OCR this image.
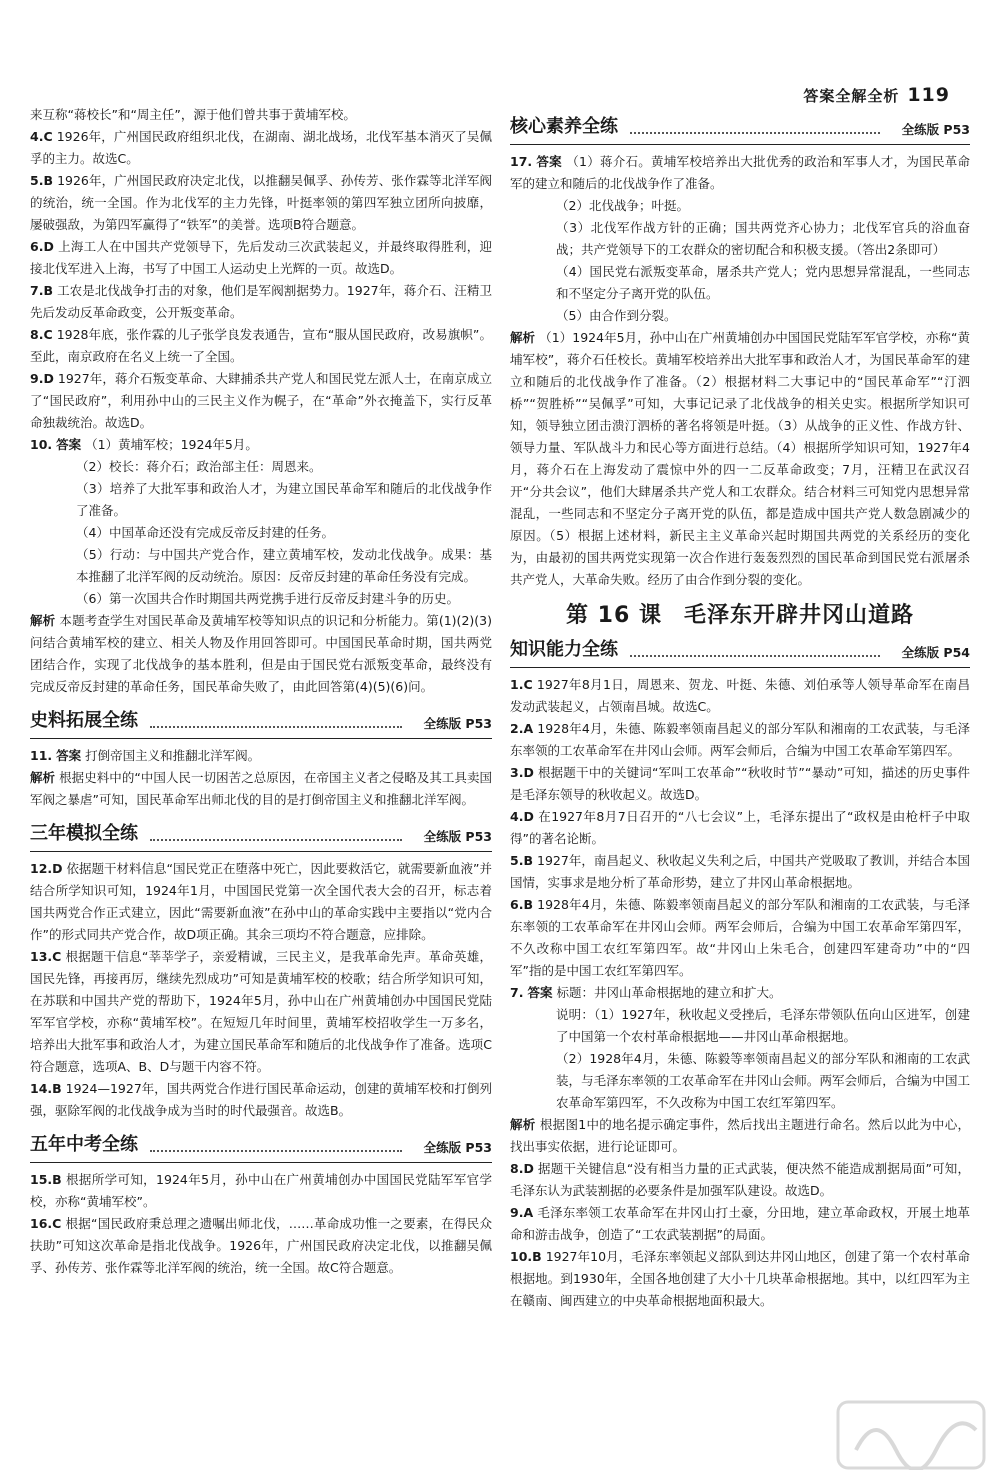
答案全解全析 119

来互称“蒋校长”和“周主任”，源于他们曾共事于黄埔军校。

4.C 1926年，广州国民政府组织北伐，在湖南、湖北战场，北伐军基本消灭了吴佩孚的主力。故选C。

5.B 1926年，广州国民政府决定北伐，以推翻吴佩孚、孙传芳、张作霖等北洋军阀的统治，统一全国。作为北伐军的主力先锋，叶挺率领的第四军独立团所向披靡，屡破强敌，为第四军赢得了“铁军”的美誉。选项B符合题意。

6.D 上海工人在中国共产党领导下，先后发动三次武装起义，并最终取得胜利，迎接北伐军进入上海，书写了中国工人运动史上光辉的一页。故选D。

7.B 工农是北伐战争打击的对象，他们是军阀割据势力。1927年，蒋介石、汪精卫先后发动反革命政变，公开叛变革命。

8.C 1928年底，张作霖的儿子张学良发表通告，宣布“服从国民政府，改易旗帜”。至此，南京政府在名义上统一了全国。

9.D 1927年，蒋介石叛变革命、大肆捕杀共产党人和国民党左派人士，在南京成立了“国民政府”，利用孙中山的三民主义作为幌子，在“革命”外衣掩盖下，实行反革命独裁统治。故选D。

10. 答案 （1）黄埔军校；1924年5月。

（2）校长：蒋介石；政治部主任：周恩来。

（3）培养了大批军事和政治人才，为建立国民革命军和随后的北伐战争作了准备。

（4）中国革命还没有完成反帝反封建的任务。

（5）行动：与中国共产党合作，建立黄埔军校，发动北伐战争。成果：基本推翻了北洋军阀的反动统治。原因：反帝反封建的革命任务没有完成。

（6）第一次国共合作时期国共两党携手进行反帝反封建斗争的历史。

解析 本题考查学生对国民革命及黄埔军校等知识点的识记和分析能力。第(1)(2)(3)问结合黄埔军校的建立、相关人物及作用回答即可。中国国民革命时期，国共两党团结合作，实现了北伐战争的基本胜利，但是由于国民党右派叛变革命，最终没有完成反帝反封建的革命任务，国民革命失败了，由此回答第(4)(5)(6)问。

史料拓展全练	全练版 P53

11. 答案 打倒帝国主义和推翻北洋军阀。

解析 根据史料中的“中国人民一切困苦之总原因，在帝国主义者之侵略及其工具卖国军阀之暴虐”可知，国民革命军出师北伐的目的是打倒帝国主义和推翻北洋军阀。

三年模拟全练	全练版 P53

12.D 依据题干材料信息“国民党正在堕落中死亡，因此要救活它，就需要新血液”并结合所学知识可知，1924年1月，中国国民党第一次全国代表大会的召开，标志着国共两党合作正式建立，因此“需要新血液”在孙中山的革命实践中主要指以“党内合作”的形式同共产党合作，故D项正确。其余三项均不符合题意，应排除。

13.C 根据题干信息“莘莘学子，亲爱精诚，三民主义，是我革命先声。革命英雄，国民先锋，再接再厉，继续先烈成功”可知是黄埔军校的校歌；结合所学知识可知，在苏联和中国共产党的帮助下，1924年5月，孙中山在广州黄埔创办中国国民党陆军军官学校，亦称“黄埔军校”。在短短几年时间里，黄埔军校招收学生一万多名，培养出大批军事和政治人才，为建立国民革命军和随后的北伐战争作了准备。选项C符合题意，选项A、B、D与题干内容不符。

14.B 1924—1927年，国共两党合作进行国民革命运动，创建的黄埔军校和打倒列强，驱除军阀的北伐战争成为当时的时代最强音。故选B。

五年中考全练	全练版 P53

15.B 根据所学可知，1924年5月，孙中山在广州黄埔创办中国国民党陆军军官学校，亦称“黄埔军校”。

16.C 根据“国民政府秉总理之遗嘱出师北伐，……革命成功惟一之要素，在得民众扶助”可知这次革命是指北伐战争。1926年，广州国民政府决定北伐，以推翻吴佩孚、孙传芳、张作霖等北洋军阀的统治，统一全国。故C符合题意。

核心素养全练	全练版 P53

17. 答案 （1）蒋介石。黄埔军校培养出大批优秀的政治和军事人才，为国民革命军的建立和随后的北伐战争作了准备。

（2）北伐战争；叶挺。

（3）北伐军作战方针的正确；国共两党齐心协力；北伐军官兵的浴血奋战；共产党领导下的工农群众的密切配合和积极支援。（答出2条即可）

（4）国民党右派叛变革命，屠杀共产党人；党内思想异常混乱，一些同志和不坚定分子离开党的队伍。

（5）由合作到分裂。

解析 （1）1924年5月，孙中山在广州黄埔创办中国国民党陆军军官学校，亦称“黄埔军校”，蒋介石任校长。黄埔军校培养出大批军事和政治人才，为国民革命军的建立和随后的北伐战争作了准备。（2）根据材料二大事记中的“国民革命军”“汀泗桥”“贺胜桥”“吴佩孚”可知，大事记记录了北伐战争的相关史实。根据所学知识可知，领导独立团击溃汀泗桥的著名将领是叶挺。（3）从战争的正义性、作战方针、领导力量、军队战斗力和民心等方面进行总结。（4）根据所学知识可知，1927年4月，蒋介石在上海发动了震惊中外的四一二反革命政变；7月，汪精卫在武汉召开“分共会议”，他们大肆屠杀共产党人和工农群众。结合材料三可知党内思想异常混乱，一些同志和不坚定分子离开党的队伍，都是造成中国共产党人数急剧减少的原因。（5）根据上述材料，新民主主义革命兴起时期国共两党的关系经历的变化为，由最初的国共两党实现第一次合作进行轰轰烈烈的国民革命到国民党右派屠杀共产党人，大革命失败。经历了由合作到分裂的变化。

第 16 课 毛泽东开辟井冈山道路
知识能力全练	全练版 P54

1.C 1927年8月1日，周恩来、贺龙、叶挺、朱德、刘伯承等人领导革命军在南昌发动武装起义，占领南昌城。故选C。

2.A 1928年4月，朱德、陈毅率领南昌起义的部分军队和湘南的工农武装，与毛泽东率领的工农革命军在井冈山会师。两军会师后，合编为中国工农革命军第四军。

3.D 根据题干中的关键词“军叫工农革命”“秋收时节”“暴动”可知，描述的历史事件是毛泽东领导的秋收起义。故选D。

4.D 在1927年8月7日召开的“八七会议”上，毛泽东提出了“政权是由枪杆子中取得”的著名论断。

5.B 1927年，南昌起义、秋收起义失利之后，中国共产党吸取了教训，并结合本国国情，实事求是地分析了革命形势，建立了井冈山革命根据地。

6.B 1928年4月，朱德、陈毅率领南昌起义的部分军队和湘南的工农武装，与毛泽东率领的工农革命军在井冈山会师。两军会师后，合编为中国工农革命军第四军，不久改称中国工农红军第四军。故“井冈山上朱毛合，创建四军建奇功”中的“四军”指的是中国工农红军第四军。

7. 答案 标题：井冈山革命根据地的建立和扩大。

说明：（1）1927年，秋收起义受挫后，毛泽东带领队伍向山区进军，创建了中国第一个农村革命根据地——井冈山革命根据地。

（2）1928年4月，朱德、陈毅等率领南昌起义的部分军队和湘南的工农武装，与毛泽东率领的工农革命军在井冈山会师。两军会师后，合编为中国工农革命军第四军，不久改称为中国工农红军第四军。

解析 根据图1中的地名提示确定事件，然后找出主题进行命名。然后以此为中心，找出事实依据，进行论证即可。

8.D 据题干关键信息“没有相当力量的正式武装，便决然不能造成割据局面”可知，毛泽东认为武装割据的必要条件是加强军队建设。故选D。

9.A 毛泽东率领工农革命军在井冈山打土豪，分田地，建立革命政权，开展土地革命和游击战争，创造了“工农武装割据”的局面。

10.B 1927年10月，毛泽东率领起义部队到达井冈山地区，创建了第一个农村革命根据地。到1930年，全国各地创建了大小十几块革命根据地。其中，以红四军为主在赣南、闽西建立的中央革命根据地面积最大。
